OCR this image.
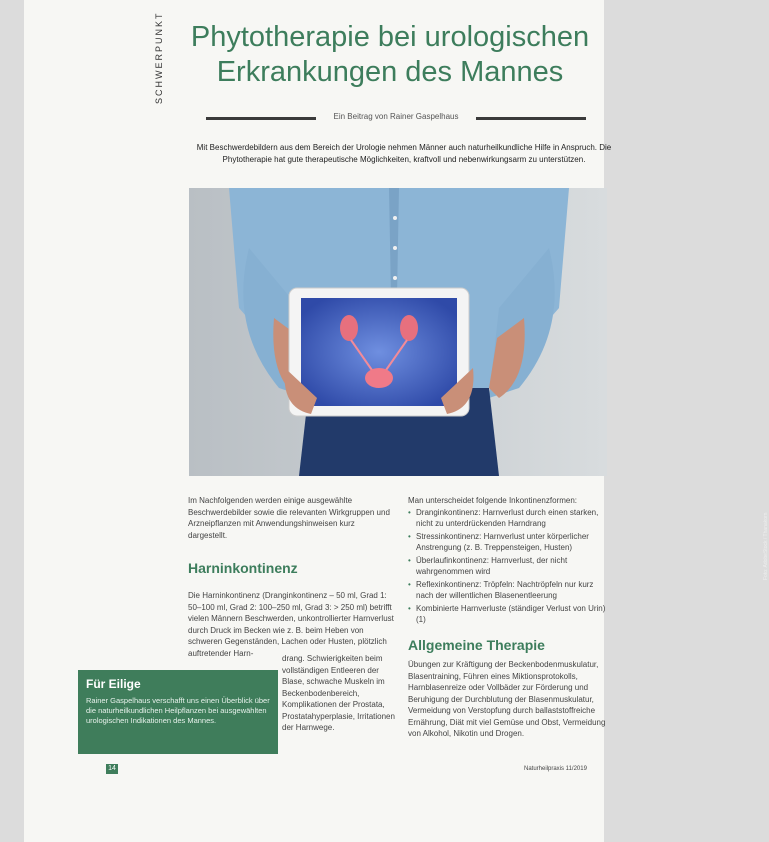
SCHWERPUNKT Phytotherapie bei urologischen
Erkrankungen des Mannes
Ein Beitrag von Rainer Gaspelhaus
Mit Beschwerdebildern aus dem Bereich der Urologie nehmen Männer auch naturheilkundliche Hilfe in Anspruch. Die Phytotherapie hat gute therapeutische Möglichkeiten, kraftvoll und nebenwirkungsarm zu unterstützen.
Foto: AdobeStock / Thanakorn
Im Nachfolgenden werden einige ausgewählte Beschwerdebilder sowie die relevanten Wirkgruppen und Arzneipflanzen mit Anwendungshinweisen kurz dargestellt.
Harninkontinenz
Die Harninkontinenz (Dranginkontinenz – 50 ml, Grad 1: 50–100 ml, Grad 2: 100–250 ml, Grad 3: > 250 ml) betrifft vielen Männern Beschwerden, unkontrollierter Harnverlust durch Druck im Becken wie z. B. beim Heben von schweren Gegenständen, Lachen oder Husten, plötzlich auftretender Harn-
drang. Schwierigkeiten beim vollständigen Entleeren der Blase, schwache Muskeln im Beckenbodenbereich, Komplikationen der Prostata, Prostatahyperplasie, Irritationen der Harnwege.
Man unterscheidet folgende Inkontinenzformen:
• Dranginkontinenz: Harnverlust durch einen starken, nicht zu unterdrückenden Harndrang
• Stressinkontinenz: Harnverlust unter körperlicher Anstrengung (z. B. Treppensteigen, Husten)
• Überlaufinkontinenz: Harnverlust, der nicht wahrgenommen wird
• Reflexinkontinenz: Tröpfeln: Nachtröpfeln nur kurz nach der willentlichen Blasenentleerung
• Kombinierte Harnverluste (ständiger Verlust von Urin) (1)
Allgemeine Therapie
Übungen zur Kräftigung der Beckenbodenmuskulatur, Blasentraining, Führen eines Miktionsprotokolls, Harnblasenreize oder Vollbäder zur Förderung und Beruhigung der Durchblutung der Blasenmuskulatur, Vermeidung von Verstopfung durch ballaststoffreiche Ernährung, Diät mit viel Gemüse und Obst, Vermeidung von Alkohol, Nikotin und Drogen.
Für Eilige
Rainer Gaspelhaus verschafft uns einen Überblick über die naturheilkundlichen Heilpflanzen bei ausgewählten urologischen Indikationen des Mannes.
14	Naturheilpraxis 11/2019
